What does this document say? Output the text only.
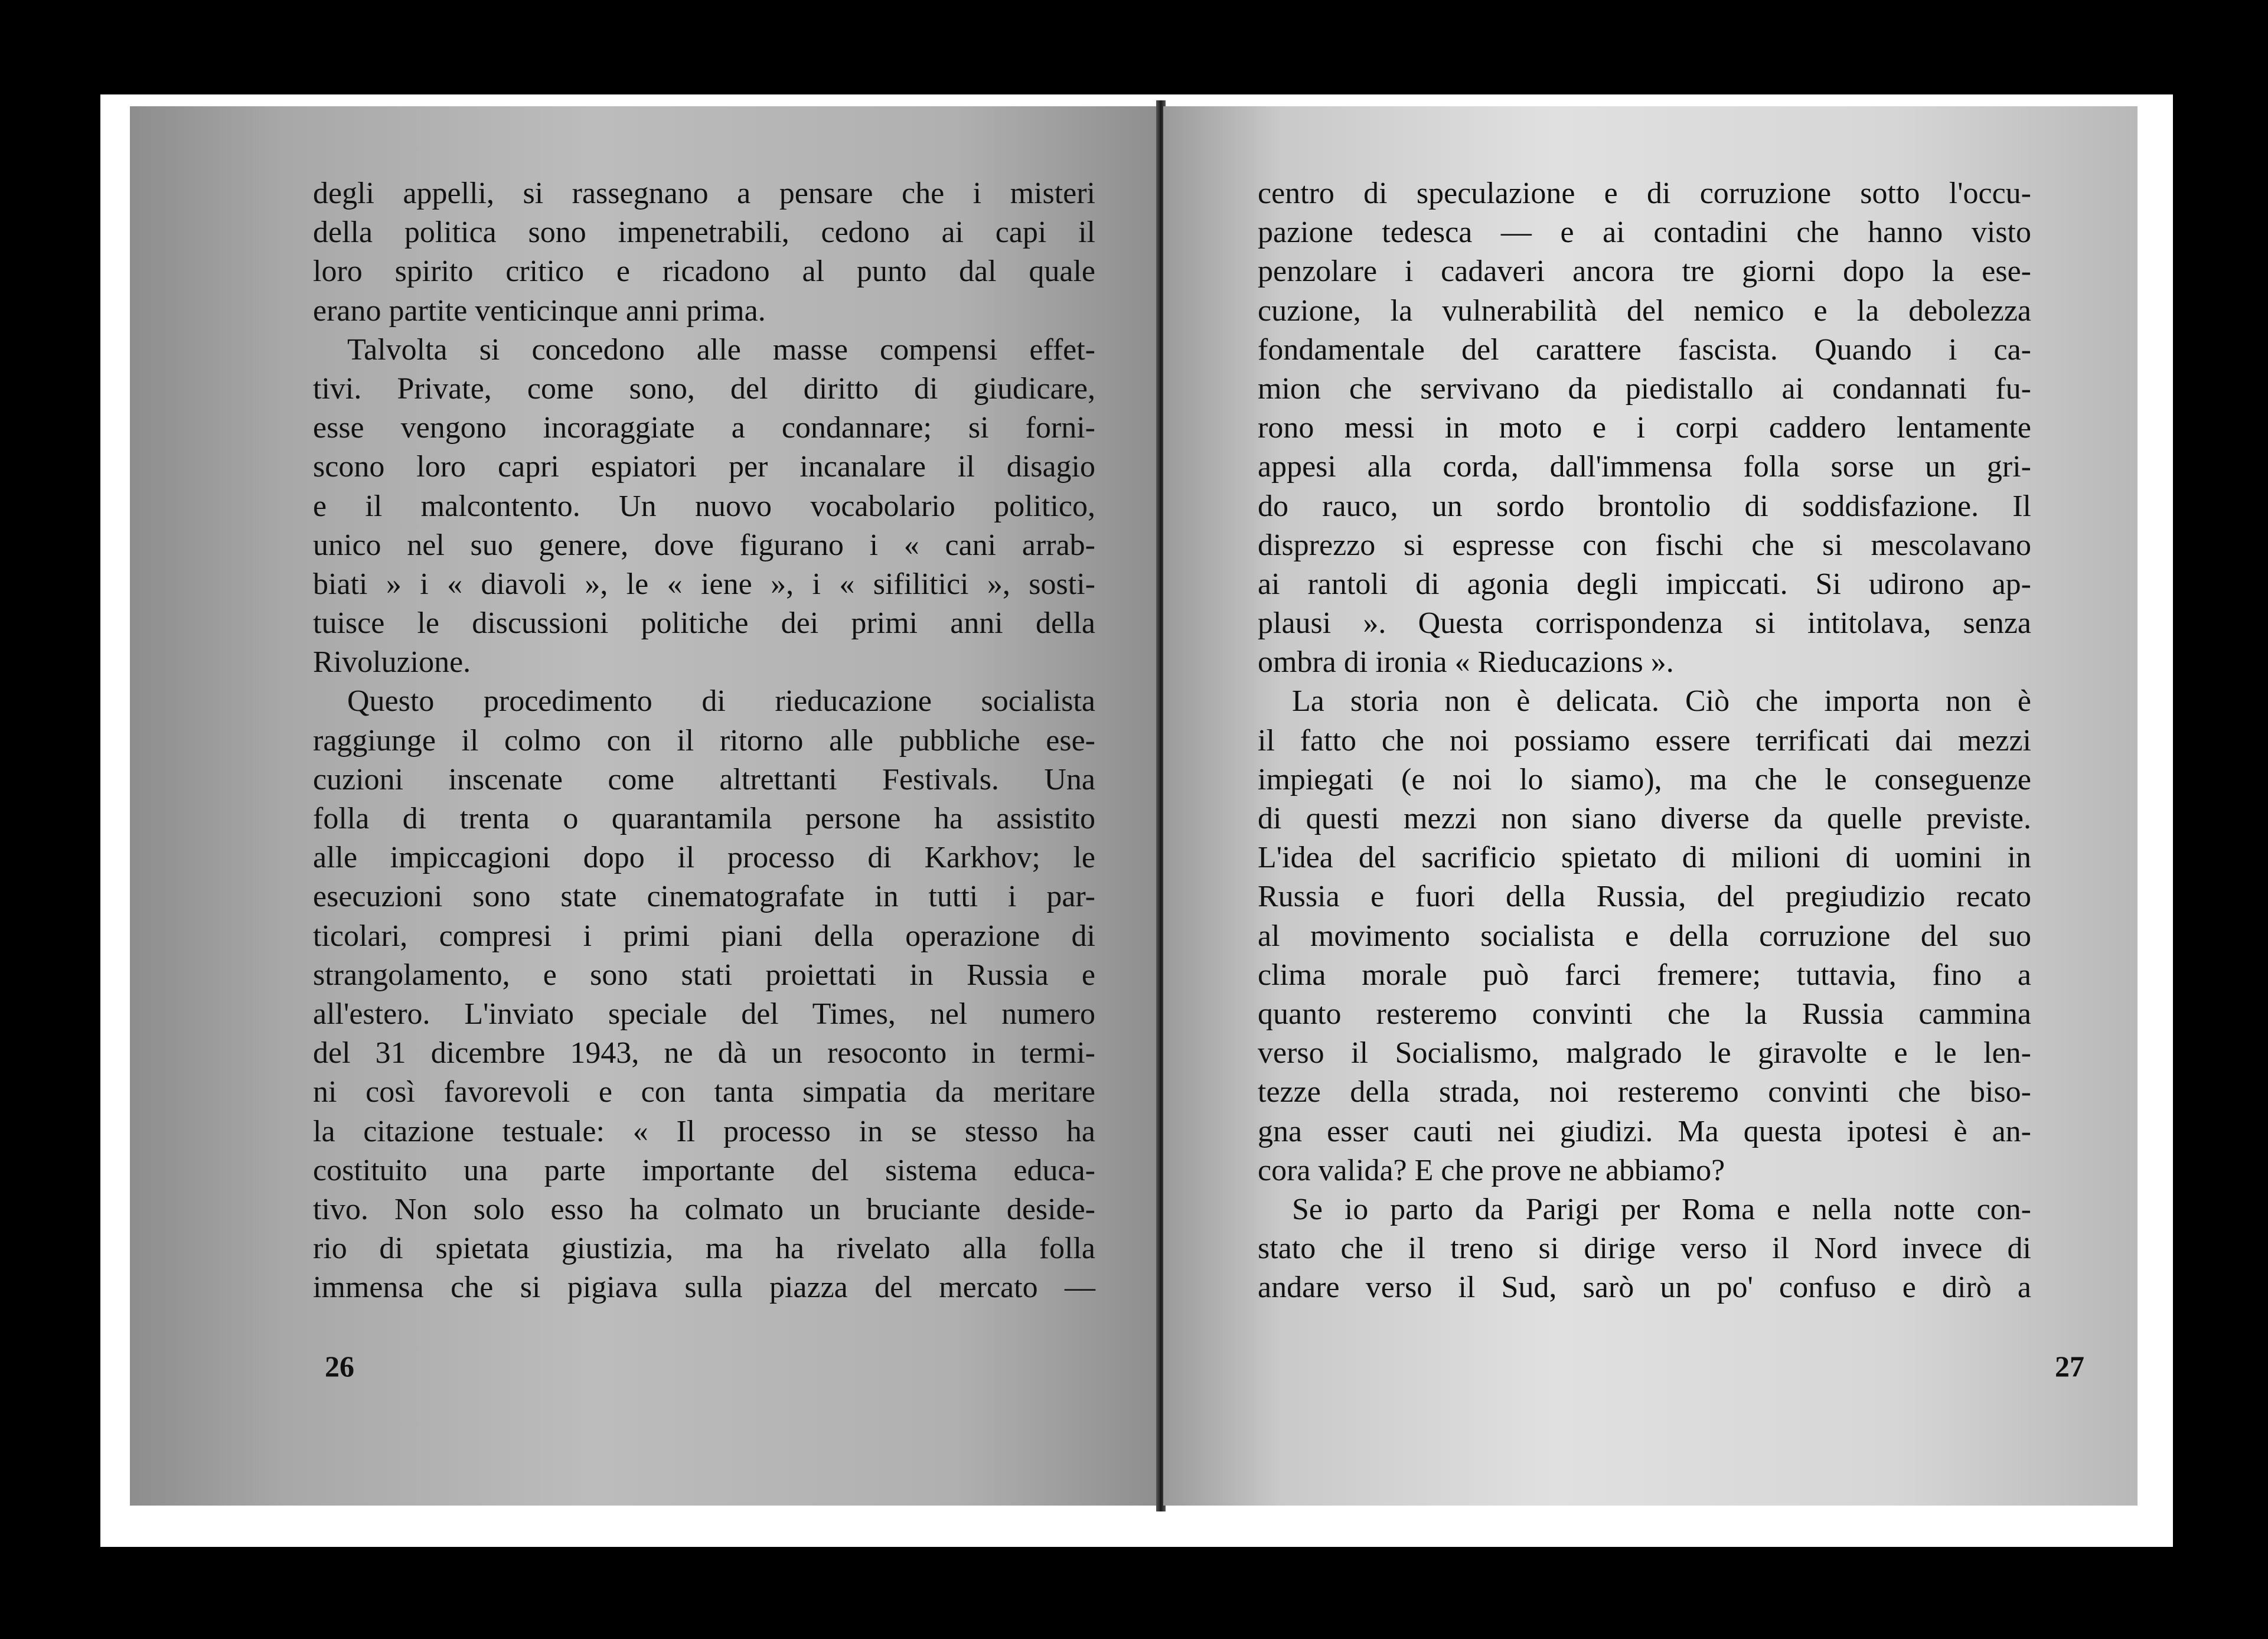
degli appelli, si rassegnano a pensare che i misteri
della politica sono impenetrabili, cedono ai capi il
loro spirito critico e ricadono al punto dal quale
erano partite venticinque anni prima.
Talvolta si concedono alle masse compensi effet-
tivi. Private, come sono, del diritto di giudicare,
esse vengono incoraggiate a condannare; si forni-
scono loro capri espiatori per incanalare il disagio
e il malcontento. Un nuovo vocabolario politico,
unico nel suo genere, dove figurano i « cani arrab-
biati » i « diavoli », le « iene », i « sifilitici », sosti-
tuisce le discussioni politiche dei primi anni della
Rivoluzione.
Questo procedimento di rieducazione socialista
raggiunge il colmo con il ritorno alle pubbliche ese-
cuzioni inscenate come altrettanti Festivals. Una
folla di trenta o quarantamila persone ha assistito
alle impiccagioni dopo il processo di Karkhov; le
esecuzioni sono state cinematografate in tutti i par-
ticolari, compresi i primi piani della operazione di
strangolamento, e sono stati proiettati in Russia e
all'estero. L'inviato speciale del Times, nel numero
del 31 dicembre 1943, ne dà un resoconto in termi-
ni così favorevoli e con tanta simpatia da meritare
la citazione testuale: « Il processo in se stesso ha
costituito una parte importante del sistema educa-
tivo. Non solo esso ha colmato un bruciante deside-
rio di spietata giustizia, ma ha rivelato alla folla
immensa che si pigiava sulla piazza del mercato —
26
centro di speculazione e di corruzione sotto l'occu-
pazione tedesca — e ai contadini che hanno visto
penzolare i cadaveri ancora tre giorni dopo la ese-
cuzione, la vulnerabilità del nemico e la debolezza
fondamentale del carattere fascista. Quando i ca-
mion che servivano da piedistallo ai condannati fu-
rono messi in moto e i corpi caddero lentamente
appesi alla corda, dall'immensa folla sorse un gri-
do rauco, un sordo brontolio di soddisfazione. Il
disprezzo si espresse con fischi che si mescolavano
ai rantoli di agonia degli impiccati. Si udirono ap-
plausi ». Questa corrispondenza si intitolava, senza
ombra di ironia « Rieducazions ».
La storia non è delicata. Ciò che importa non è
il fatto che noi possiamo essere terrificati dai mezzi
impiegati (e noi lo siamo), ma che le conseguenze
di questi mezzi non siano diverse da quelle previste.
L'idea del sacrificio spietato di milioni di uomini in
Russia e fuori della Russia, del pregiudizio recato
al movimento socialista e della corruzione del suo
clima morale può farci fremere; tuttavia, fino a
quanto resteremo convinti che la Russia cammina
verso il Socialismo, malgrado le giravolte e le len-
tezze della strada, noi resteremo convinti che biso-
gna esser cauti nei giudizi. Ma questa ipotesi è an-
cora valida? E che prove ne abbiamo?
Se io parto da Parigi per Roma e nella notte con-
stato che il treno si dirige verso il Nord invece di
andare verso il Sud, sarò un po' confuso e dirò a
27
